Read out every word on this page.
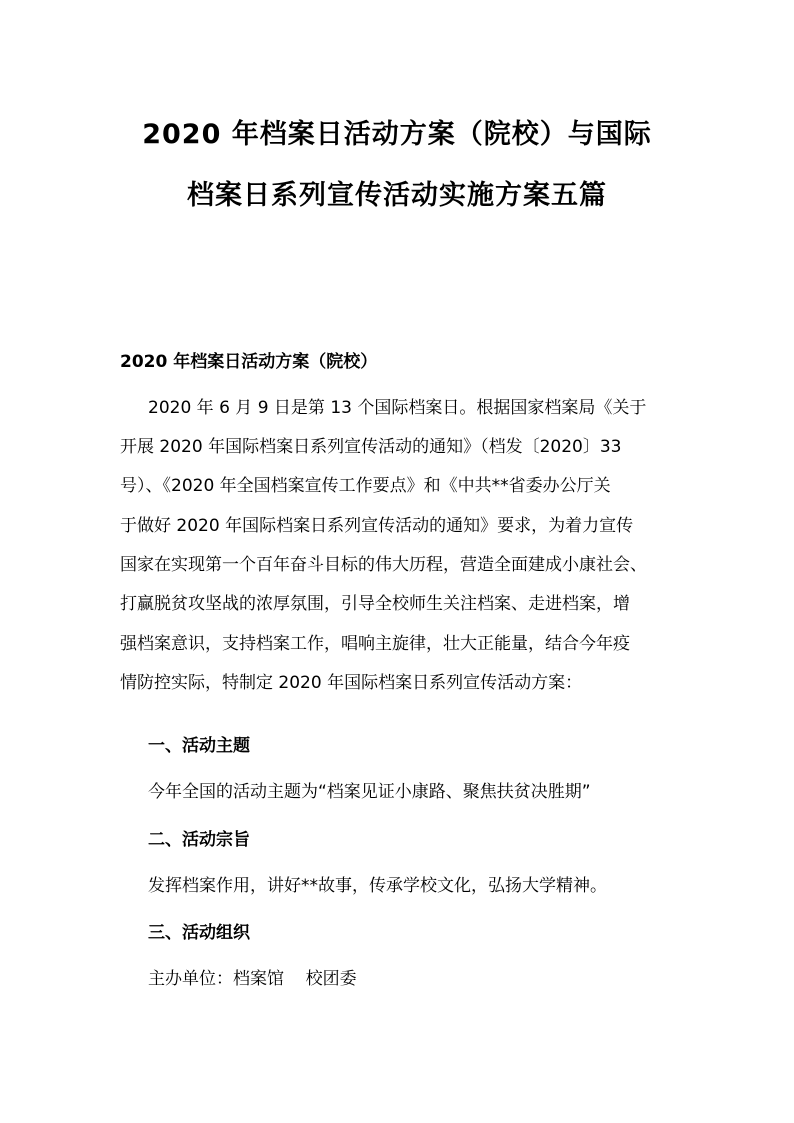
2020 年档案日活动方案（院校）与国际
档案日系列宣传活动实施方案五篇
2020 年档案日活动方案（院校）
2020 年 6 月 9 日是第 13 个国际档案日。根据国家档案局《关于
开展 2020 年国际档案日系列宣传活动的通知》（档发〔2020〕33
号）、《2020 年全国档案宣传工作要点》和《中共**省委办公厅关
于做好 2020 年国际档案日系列宣传活动的通知》要求，为着力宣传
国家在实现第一个百年奋斗目标的伟大历程，营造全面建成小康社会、
打赢脱贫攻坚战的浓厚氛围，引导全校师生关注档案、走进档案，增
强档案意识，支持档案工作，唱响主旋律，壮大正能量，结合今年疫
情防控实际，特制定 2020 年国际档案日系列宣传活动方案：
一、活动主题
今年全国的活动主题为“档案见证小康路、聚焦扶贫决胜期”
二、活动宗旨
发挥档案作用，讲好**故事，传承学校文化，弘扬大学精神。
三、活动组织
主办单位：档案馆    校团委
